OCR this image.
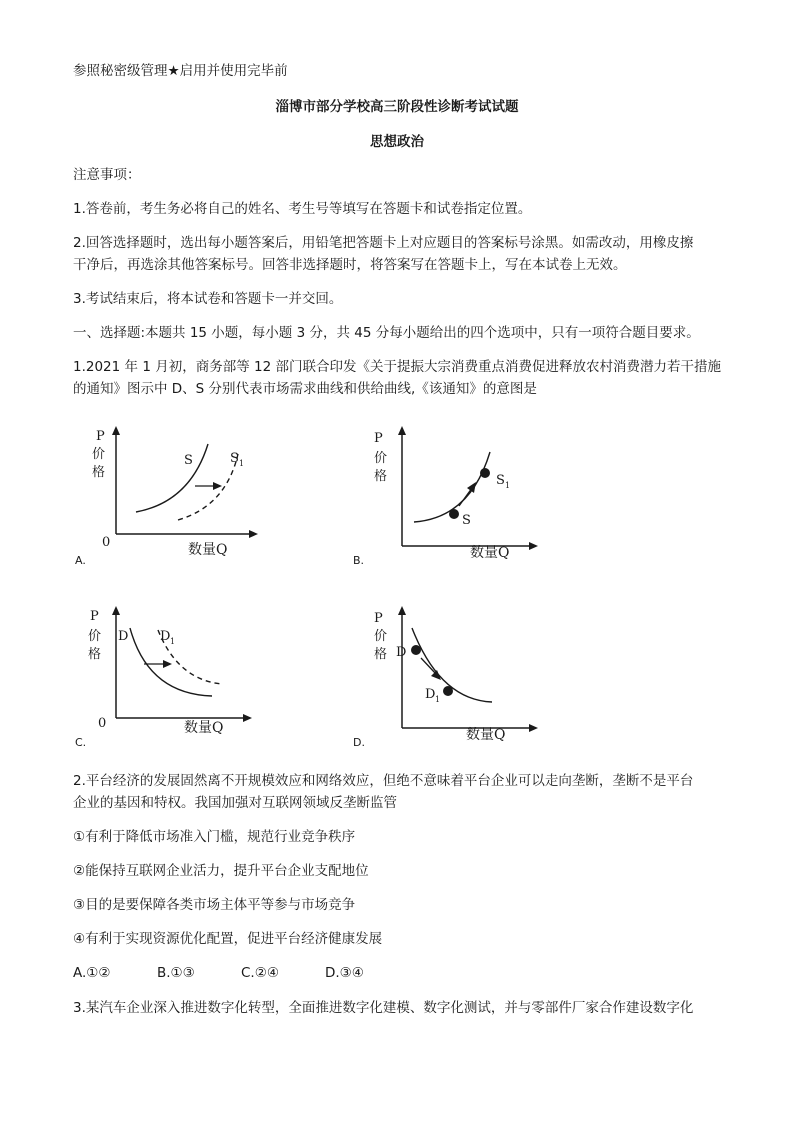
参照秘密级管理★启用并使用完毕前
淄博市部分学校高三阶段性诊断考试试题
思想政治
注意事项：
1.答卷前，考生务必将自己的姓名、考生号等填写在答题卡和试卷指定位置。
2.回答选择题时，选出每小题答案后，用铅笔把答题卡上对应题目的答案标号涂黑。如需改动，用橡皮擦
干净后，再选涂其他答案标号。回答非选择题时，将答案写在答题卡上，写在本试卷上无效。
3.考试结束后，将本试卷和答题卡一并交回。
一、选择题:本题共 15 小题，每小题 3 分，共 45 分每小题给出的四个选项中，只有一项符合题目要求。
1.2021 年 1 月初，商务部等 12 部门联合印发《关于提振大宗消费重点消费促进释放农村消费潜力若干措施
的通知》图示中 D、S 分别代表市场需求曲线和供给曲线,《该通知》的意图是
P
价
格
0	数量Q
S	S 1
A.
P
价
格
数量Q
S
S 1
B.
P
价
格
0	数量Q
D D 1
C.
P
价
格
数量Q
D
D 1
D.
2.平台经济的发展固然离不开规模效应和网络效应，但绝不意味着平台企业可以走向垄断，垄断不是平台
企业的基因和特权。我国加强对互联网领域反垄断监管
①有利于降低市场准入门槛，规范行业竞争秩序
②能保持互联网企业活力，提升平台企业支配地位
③目的是要保障各类市场主体平等参与市场竞争
④有利于实现资源优化配置，促进平台经济健康发展
A.①②	B.①③	C.②④	D.③④
3.某汽车企业深入推进数字化转型，全面推进数字化建模、数字化测试，并与零部件厂家合作建设数字化
